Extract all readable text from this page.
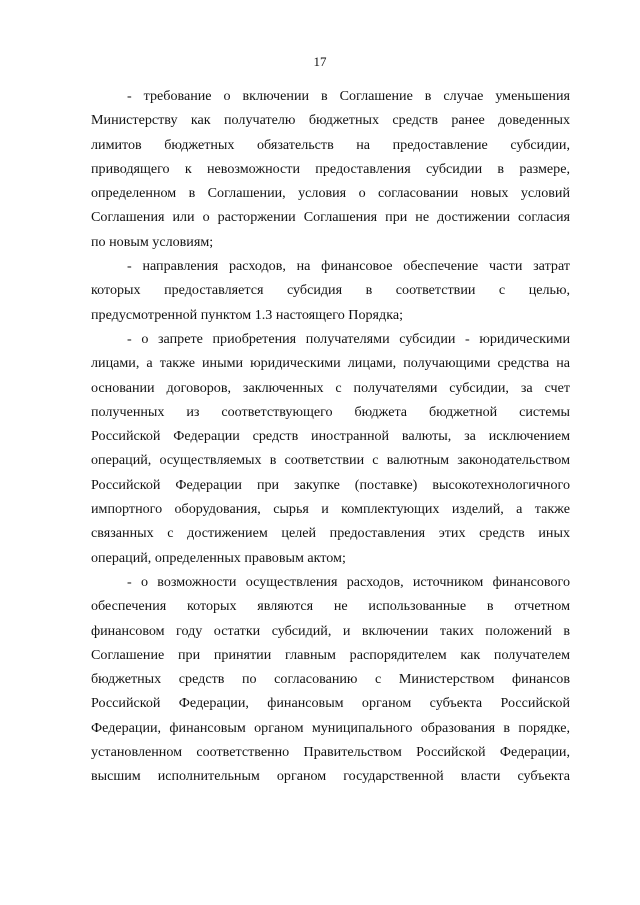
17

- требование о включении в Соглашение в случае уменьшения
Министерству как получателю бюджетных средств ранее доведенных
лимитов бюджетных обязательств на предоставление субсидии,
приводящего к невозможности предоставления субсидии в размере,
определенном в Соглашении, условия о согласовании новых условий
Соглашения или о расторжении Соглашения при не достижении согласия
по новым условиям;

- направления расходов, на финансовое обеспечение части затрат
которых предоставляется субсидия в соответствии с целью,
предусмотренной пунктом 1.3 настоящего Порядка;

- о запрете приобретения получателями субсидии - юридическими
лицами, а также иными юридическими лицами, получающими средства на
основании договоров, заключенных с получателями субсидии, за счет
полученных из соответствующего бюджета бюджетной системы
Российской Федерации средств иностранной валюты, за исключением
операций, осуществляемых в соответствии с валютным законодательством
Российской Федерации при закупке (поставке) высокотехнологичного
импортного оборудования, сырья и комплектующих изделий, а также
связанных с достижением целей предоставления этих средств иных
операций, определенных правовым актом;

- о возможности осуществления расходов, источником финансового
обеспечения которых являются не использованные в отчетном
финансовом году остатки субсидий, и включении таких положений в
Соглашение при принятии главным распорядителем как получателем
бюджетных средств по согласованию с Министерством финансов
Российской Федерации, финансовым органом субъекта Российской
Федерации, финансовым органом муниципального образования в порядке,
установленном соответственно Правительством Российской Федерации,
высшим исполнительным органом государственной власти субъекта
